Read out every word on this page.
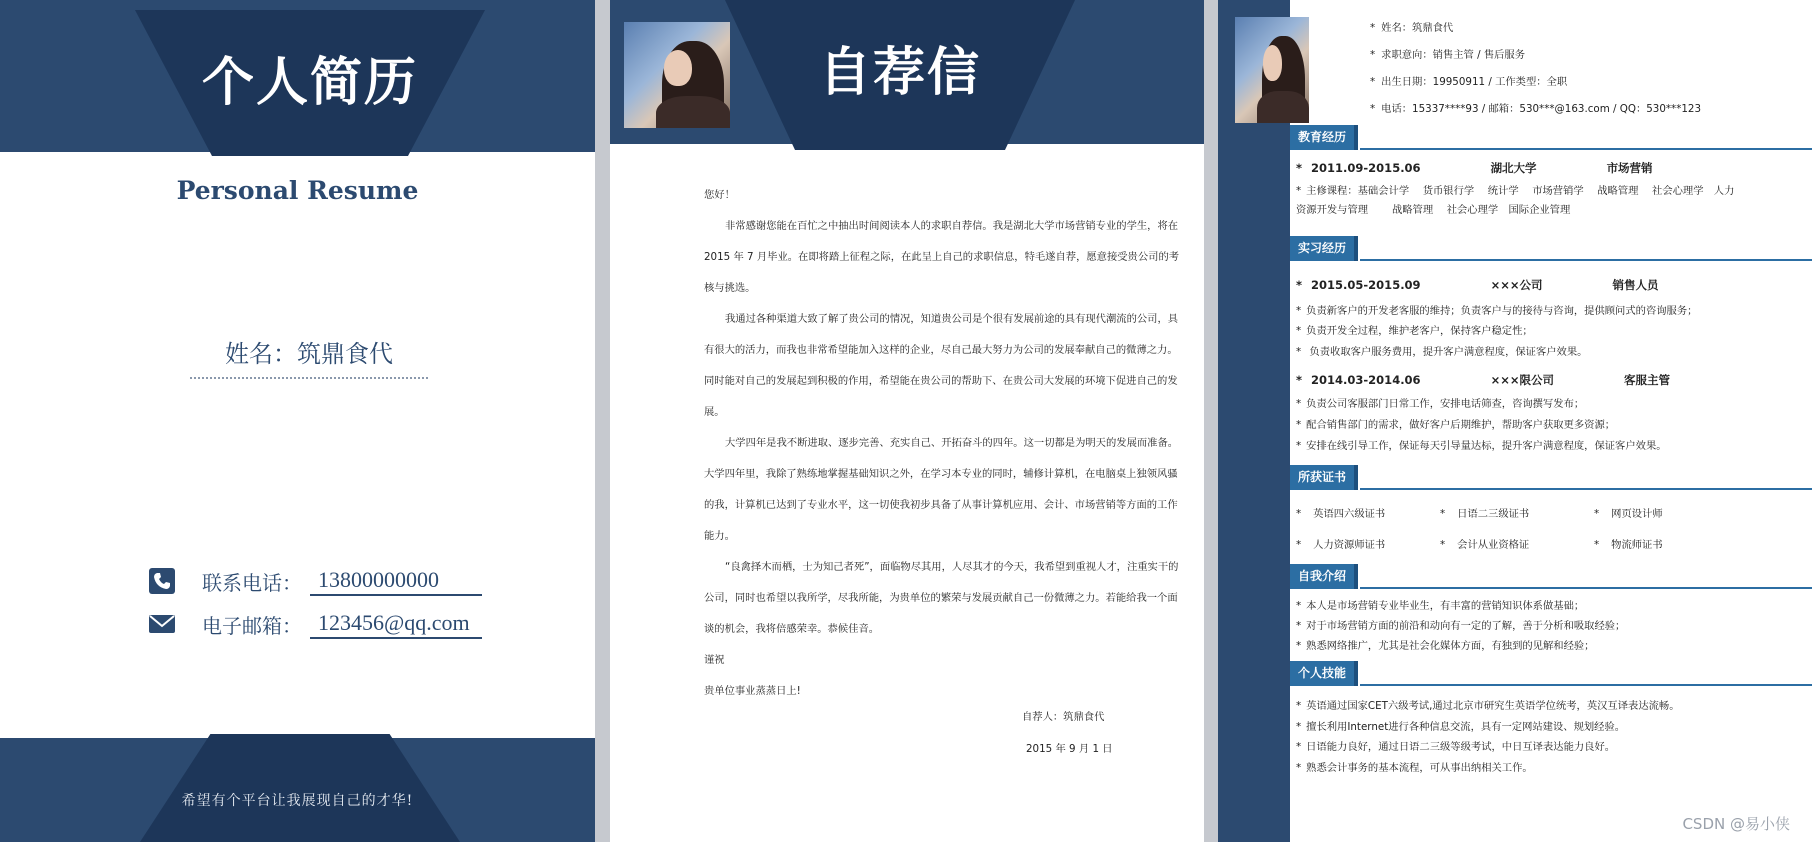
个人简历
Personal Resume
姓名：筑鼎食代
联系电话： 13800000000
电子邮箱： 123456@qq.com
希望有个平台让我展现自己的才华!
自荐信

您好！

非常感谢您能在百忙之中抽出时间阅读本人的求职自荐信。我是湖北大学市场营销专业的学生，将在 2015 年 7 月毕业。在即将踏上征程之际，在此呈上自己的求职信息，特毛遂自荐，愿意接受贵公司的考核与挑选。

我通过各种渠道大致了解了贵公司的情况，知道贵公司是个很有发展前途的具有现代潮流的公司，具有很大的活力，而我也非常希望能加入这样的企业，尽自己最大努力为公司的发展奉献自己的微薄之力。同时能对自己的发展起到积极的作用，希望能在贵公司的帮助下、在贵公司大发展的环境下促进自己的发展。

大学四年是我不断进取、逐步完善、充实自己、开拓奋斗的四年。这一切都是为明天的发展而准备。大学四年里，我除了熟练地掌握基础知识之外，在学习本专业的同时，辅修计算机，在电脑桌上独领风骚的我，计算机已达到了专业水平，这一切使我初步具备了从事计算机应用、会计、市场营销等方面的工作能力。

“良禽择木而栖，士为知己者死”，面临物尽其用，人尽其才的今天，我希望到重视人才，注重实干的公司，同时也希望以我所学，尽我所能，为贵单位的繁荣与发展贡献自己一份微薄之力。若能给我一个面谈的机会，我将倍感荣幸。恭候佳音。

谨祝

贵单位事业蒸蒸日上!

自荐人：筑鼎食代
2015 年 9 月 1 日
* 姓名：筑鼎食代
* 求职意向：销售主管 / 售后服务
* 出生日期：19950911 / 工作类型：全职
* 电话：15337****93 / 邮箱：530***@163.com / QQ：530***123
教育经历
* 2011.09-2015.06	湖北大学	市场营销
* 主修课程：基础会计学　 货币银行学　 统计学　 市场营销学　 战略管理　 社会心理学　人力
资源开发与管理　　 战略管理　 社会心理学　国际企业管理
实习经历
* 2015.05-2015.09	×××公司	销售人员
* 负责新客户的开发老客服的维持；负责客户与的接待与咨询，提供顾问式的咨询服务；
* 负责开发全过程，维护老客户，保持客户稳定性；
* 负责收取客户服务费用，提升客户满意程度，保证客户效果。
* 2014.03-2014.06	×××限公司	客服主管
* 负责公司客服部门日常工作，安排电话筛查，咨询撰写发布；
* 配合销售部门的需求，做好客户后期维护，帮助客户获取更多资源；
* 安排在线引导工作，保证每天引导量达标，提升客户满意程度，保证客户效果。
所获证书
* 英语四六级证书	* 日语二三级证书	* 网页设计师
* 人力资源师证书	* 会计从业资格证	* 物流师证书
自我介绍
* 本人是市场营销专业毕业生，有丰富的营销知识体系做基础；
* 对于市场营销方面的前沿和动向有一定的了解，善于分析和吸取经验；
* 熟悉网络推广，尤其是社会化媒体方面，有独到的见解和经验；
个人技能
* 英语通过国家CET六级考试,通过北京市研究生英语学位统考，英汉互译表达流畅。
* 擅长利用Internet进行各种信息交流，具有一定网站建设、规划经验。
* 日语能力良好，通过日语二三级等级考试，中日互译表达能力良好。
* 熟悉会计事务的基本流程，可从事出纳相关工作。
CSDN @易小侠
